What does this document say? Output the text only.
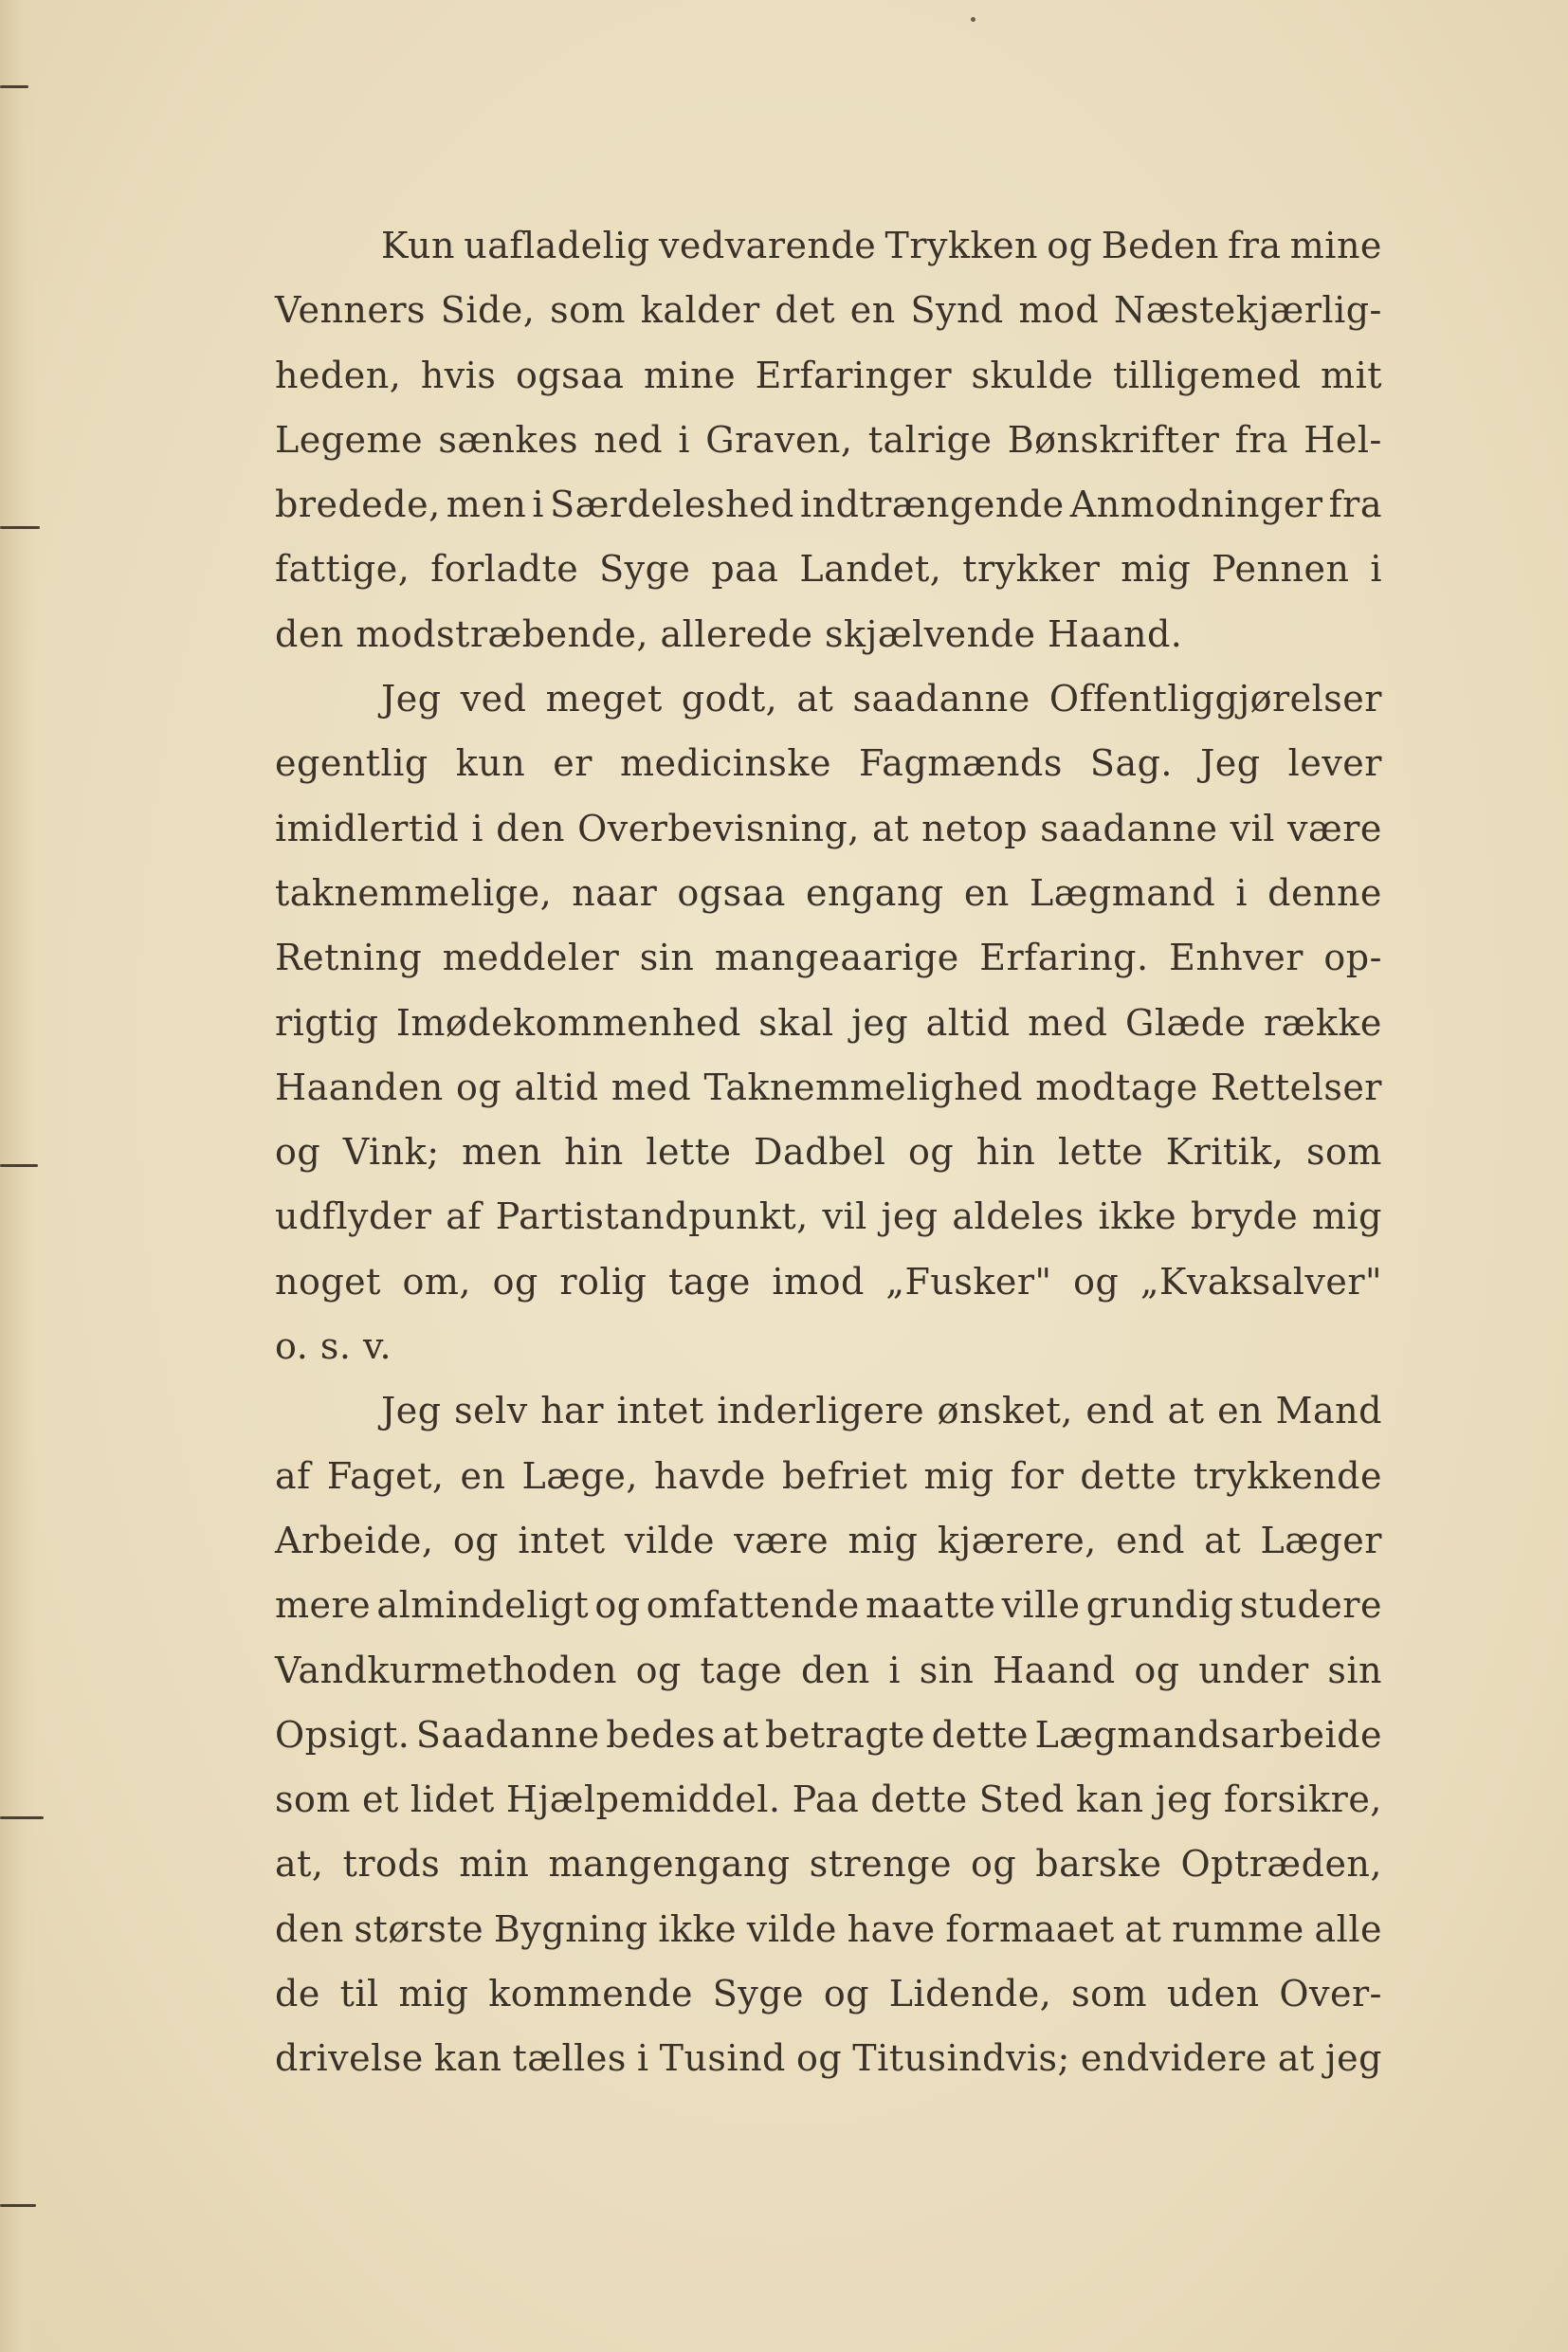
Kun uafladelig vedvarende Trykken og Beden fra mine
Venners Side, som kalder det en Synd mod Næstekjærlig-
heden, hvis ogsaa mine Erfaringer skulde tilligemed mit
Legeme sænkes ned i Graven, talrige Bønskrifter fra Hel-
bredede, men i Særdeleshed indtrængende Anmodninger fra
fattige, forladte Syge paa Landet, trykker mig Pennen i
den modstræbende, allerede skjælvende Haand.
Jeg ved meget godt, at saadanne Offentliggjørelser
egentlig kun er medicinske Fagmænds Sag. Jeg lever
imidlertid i den Overbevisning, at netop saadanne vil være
taknemmelige, naar ogsaa engang en Lægmand i denne
Retning meddeler sin mangeaarige Erfaring. Enhver op-
rigtig Imødekommenhed skal jeg altid med Glæde række
Haanden og altid med Taknemmelighed modtage Rettelser
og Vink; men hin lette Dadbel og hin lette Kritik, som
udflyder af Partistandpunkt, vil jeg aldeles ikke bryde mig
noget om, og rolig tage imod „Fusker" og „Kvaksalver"
o. s. v.
Jeg selv har intet inderligere ønsket, end at en Mand
af Faget, en Læge, havde befriet mig for dette trykkende
Arbeide, og intet vilde være mig kjærere, end at Læger
mere almindeligt og omfattende maatte ville grundig studere
Vandkurmethoden og tage den i sin Haand og under sin
Opsigt. Saadanne bedes at betragte dette Lægmandsarbeide
som et lidet Hjælpemiddel. Paa dette Sted kan jeg forsikre,
at, trods min mangengang strenge og barske Optræden,
den største Bygning ikke vilde have formaaet at rumme alle
de til mig kommende Syge og Lidende, som uden Over-
drivelse kan tælles i Tusind og Titusindvis; endvidere at jeg
